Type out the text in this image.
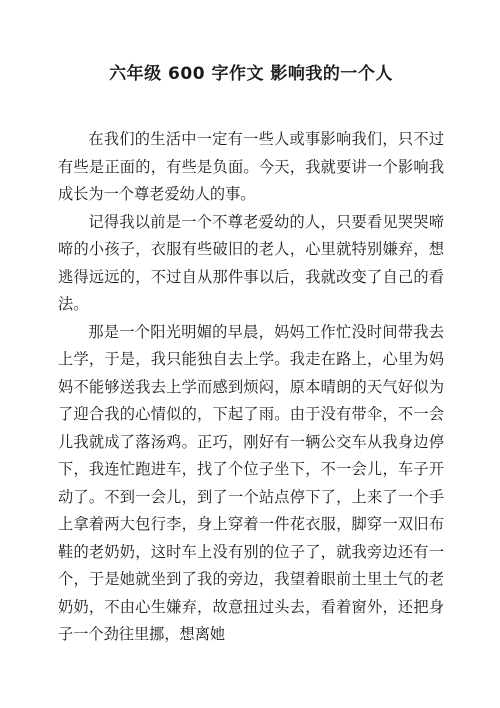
六年级 600 字作文 影响我的一个人

在我们的生活中一定有一些人或事影响我们，只不过有些是正面的，有些是负面。今天，我就要讲一个影响我成长为一个尊老爱幼人的事。

记得我以前是一个不尊老爱幼的人，只要看见哭哭啼啼的小孩子，衣服有些破旧的老人，心里就特别嫌弃，想逃得远远的，不过自从那件事以后，我就改变了自己的看法。

那是一个阳光明媚的早晨，妈妈工作忙没时间带我去上学，于是，我只能独自去上学。我走在路上，心里为妈妈不能够送我去上学而感到烦闷，原本晴朗的天气好似为了迎合我的心情似的，下起了雨。由于没有带伞，不一会儿我就成了落汤鸡。正巧，刚好有一辆公交车从我身边停下，我连忙跑进车，找了个位子坐下，不一会儿，车子开动了。不到一会儿，到了一个站点停下了，上来了一个手上拿着两大包行李，身上穿着一件花衣服，脚穿一双旧布鞋的老奶奶，这时车上没有别的位子了，就我旁边还有一个，于是她就坐到了我的旁边，我望着眼前土里土气的老奶奶，不由心生嫌弃，故意扭过头去，看着窗外，还把身子一个劲往里挪，想离她
